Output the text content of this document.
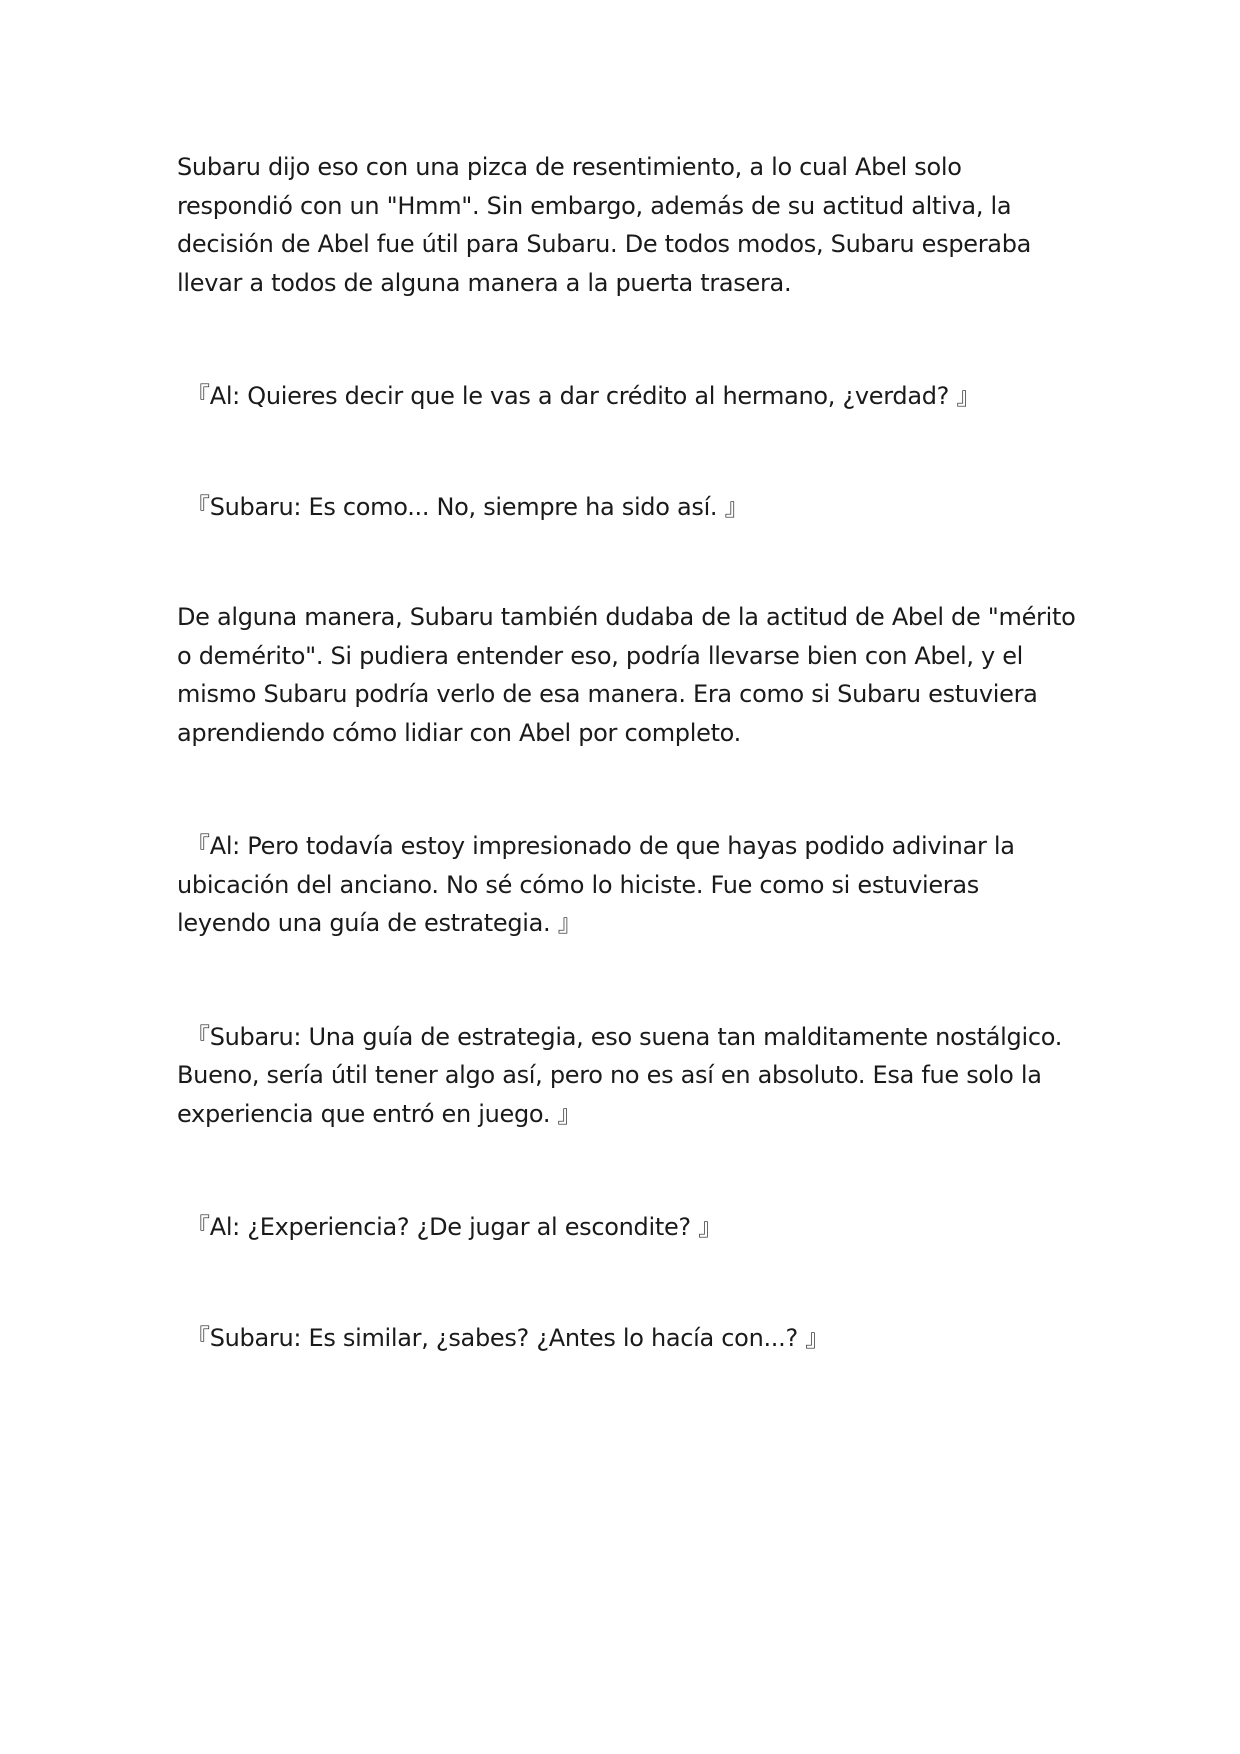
Subaru dijo eso con una pizca de resentimiento, a lo cual Abel solo respondió con un "Hmm". Sin embargo, además de su actitud altiva, la decisión de Abel fue útil para Subaru. De todos modos, Subaru esperaba llevar a todos de alguna manera a la puerta trasera.

『Al: Quieres decir que le vas a dar crédito al hermano, ¿verdad? 』

『Subaru: Es como... No, siempre ha sido así. 』

De alguna manera, Subaru también dudaba de la actitud de Abel de "mérito o demérito". Si pudiera entender eso, podría llevarse bien con Abel, y el mismo Subaru podría verlo de esa manera. Era como si Subaru estuviera aprendiendo cómo lidiar con Abel por completo.

『Al: Pero todavía estoy impresionado de que hayas podido adivinar la ubicación del anciano. No sé cómo lo hiciste. Fue como si estuvieras leyendo una guía de estrategia. 』

『Subaru: Una guía de estrategia, eso suena tan malditamente nostálgico. Bueno, sería útil tener algo así, pero no es así en absoluto. Esa fue solo la experiencia que entró en juego. 』

『Al: ¿Experiencia? ¿De jugar al escondite? 』

『Subaru: Es similar, ¿sabes? ¿Antes lo hacía con...? 』
